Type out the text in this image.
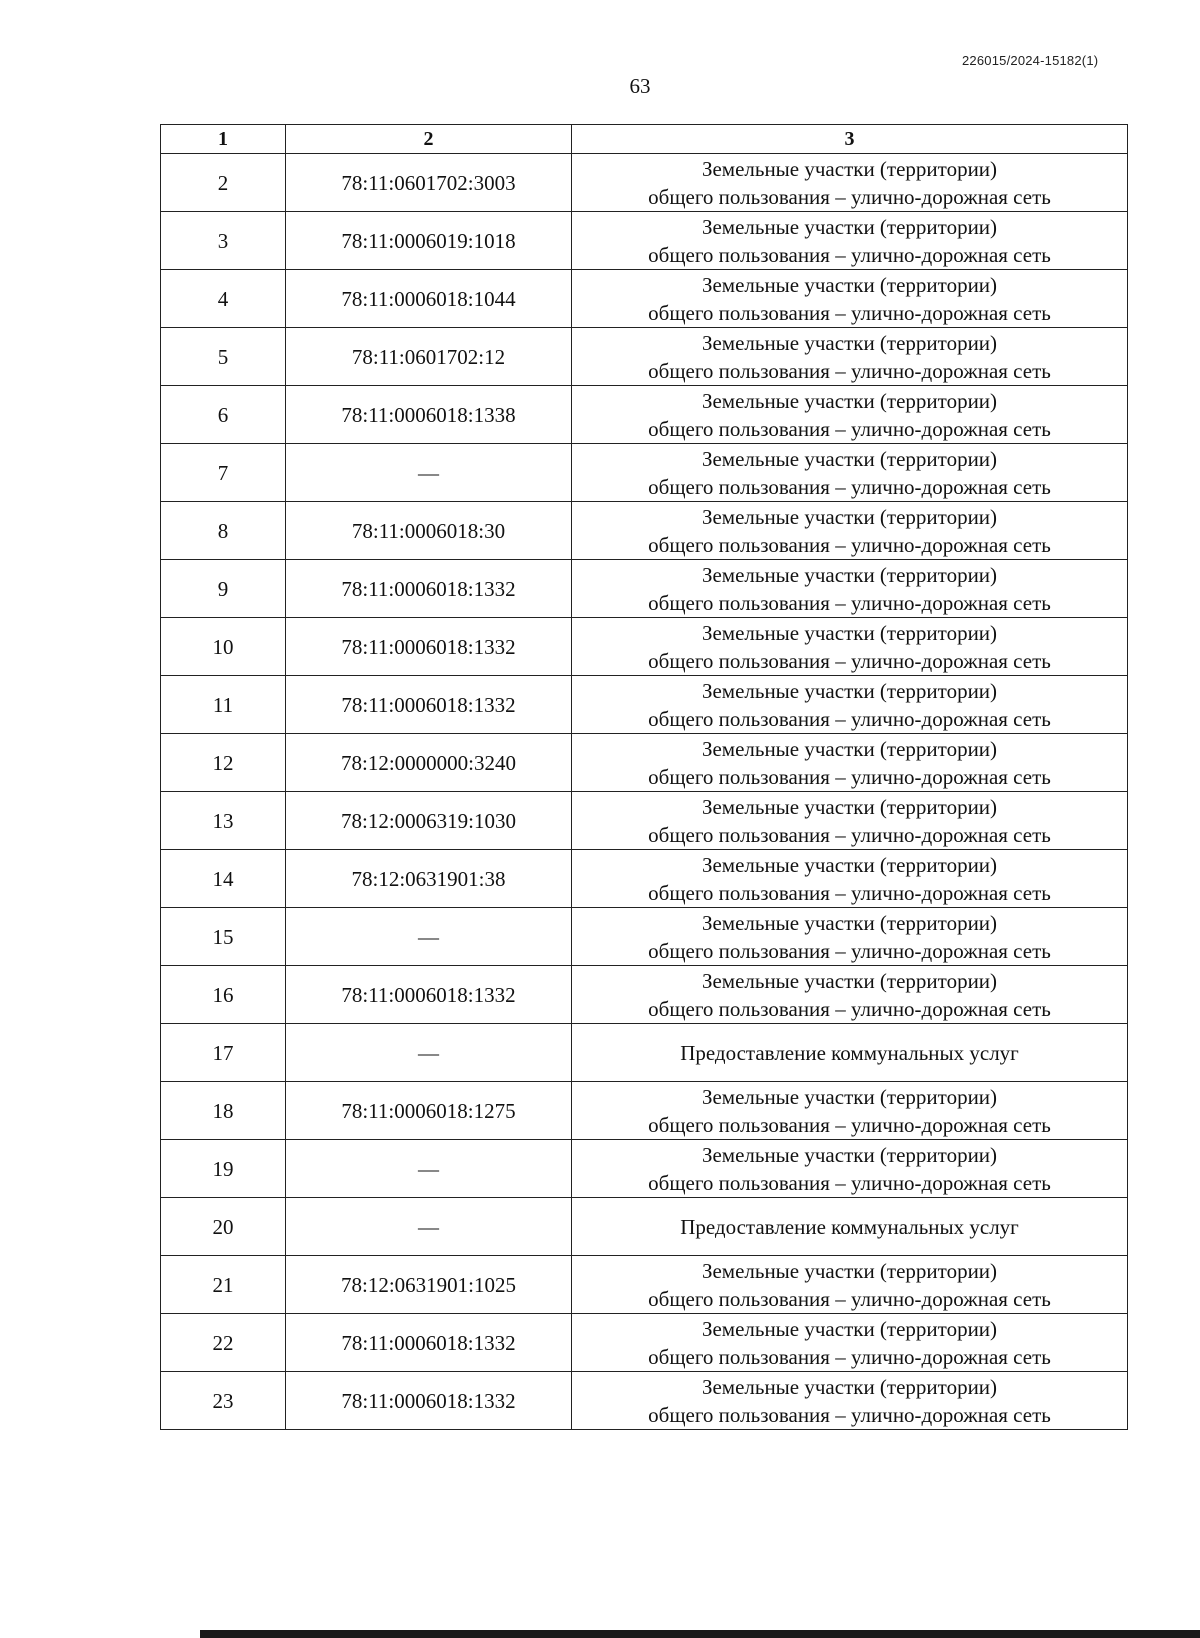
226015/2024-15182(1)
63
1	2	3
2	78:11:0601702:3003	Земельные участки (территории)
общего пользования – улично-дорожная сеть

3	78:11:0006019:1018	Земельные участки (территории)
общего пользования – улично-дорожная сеть

4	78:11:0006018:1044	Земельные участки (территории)
общего пользования – улично-дорожная сеть

5	78:11:0601702:12	Земельные участки (территории)
общего пользования – улично-дорожная сеть

6	78:11:0006018:1338	Земельные участки (территории)
общего пользования – улично-дорожная сеть

7	—	Земельные участки (территории)
общего пользования – улично-дорожная сеть

8	78:11:0006018:30	Земельные участки (территории)
общего пользования – улично-дорожная сеть

9	78:11:0006018:1332	Земельные участки (территории)
общего пользования – улично-дорожная сеть

10	78:11:0006018:1332	Земельные участки (территории)
общего пользования – улично-дорожная сеть

11	78:11:0006018:1332	Земельные участки (территории)
общего пользования – улично-дорожная сеть

12	78:12:0000000:3240	Земельные участки (территории)
общего пользования – улично-дорожная сеть

13	78:12:0006319:1030	Земельные участки (территории)
общего пользования – улично-дорожная сеть

14	78:12:0631901:38	Земельные участки (территории)
общего пользования – улично-дорожная сеть

15	—	Земельные участки (территории)
общего пользования – улично-дорожная сеть

16	78:11:0006018:1332	Земельные участки (территории)
общего пользования – улично-дорожная сеть

17	—	Предоставление коммунальных услуг

18	78:11:0006018:1275	Земельные участки (территории)
общего пользования – улично-дорожная сеть

19	—	Земельные участки (территории)
общего пользования – улично-дорожная сеть

20	—	Предоставление коммунальных услуг

21	78:12:0631901:1025	Земельные участки (территории)
общего пользования – улично-дорожная сеть

22	78:11:0006018:1332	Земельные участки (территории)
общего пользования – улично-дорожная сеть

23	78:11:0006018:1332	Земельные участки (территории)
общего пользования – улично-дорожная сеть
